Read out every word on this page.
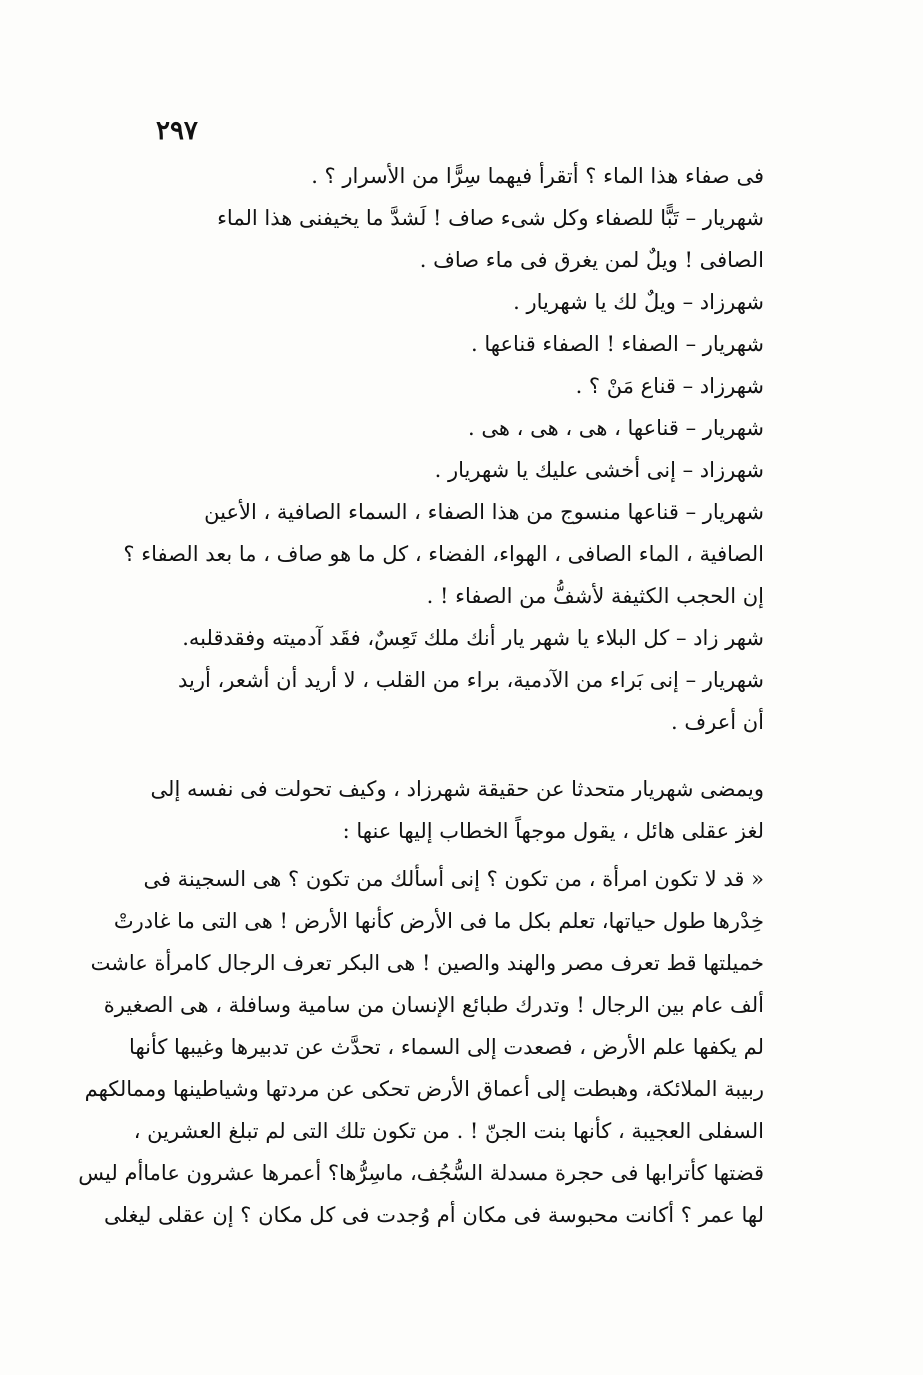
٢٩٧
فى صفاء هذا الماء ؟ أتقرأ فيهما سِرًّا من الأسرار ؟ .
شهريار – تَبًّا للصفاء وكل شىء صاف ! لَشدَّ ما يخيفنى هذا الماء
الصافى ! ويلٌ لمن يغرق فى ماء صاف .
شهرزاد – ويلٌ لك يا شهريار .
شهريار – الصفاء ! الصفاء قناعها .
شهرزاد – قناع مَنْ ؟ .
شهريار – قناعها ، هى ، هى ، هى .
شهرزاد – إنى أخشى عليك يا شهريار .
شهريار – قناعها منسوج من هذا الصفاء ، السماء الصافية ، الأعين
الصافية ، الماء الصافى ، الهواء، الفضاء ، كل ما هو صاف ، ما بعد الصفاء ؟
إن الحجب الكثيفة لأشفُّ من الصفاء ! .
شهر زاد – كل البلاء يا شهر يار أنك ملك تَعِسٌ، فقَد آدميته وفقدقلبه.
شهريار – إنى بَراء من الآدمية، براء من القلب ، لا أريد أن أشعر، أريد
أن أعرف .
ويمضى شهريار متحدثا عن حقيقة شهرزاد ، وكيف تحولت فى نفسه إلى
لغز عقلى هائل ، يقول موجهاً الخطاب إليها عنها :
« قد لا تكون امرأة ، من تكون ؟ إنى أسألك من تكون ؟ هى السجينة فى
خِدْرها طول حياتها، تعلم بكل ما فى الأرض كأنها الأرض ! هى التى ما غادرتْ
خميلتها قط تعرف مصر والهند والصين ! هى البكر تعرف الرجال كامرأة عاشت
ألف عام بين الرجال ! وتدرك طبائع الإنسان من سامية وسافلة ، هى الصغيرة
لم يكفها علم الأرض ، فصعدت إلى السماء ، تحدَّث عن تدبيرها وغيبها كأنها
ربيبة الملائكة، وهبطت إلى أعماق الأرض تحكى عن مردتها وشياطينها وممالكهم
السفلى العجيبة ، كأنها بنت الجنّ ! . من تكون تلك التى لم تبلغ العشرين ،
قضتها كأترابها فى حجرة مسدلة السُّجُف، ماسِرُّها؟ أعمرها عشرون عاماأم ليس
لها عمر ؟ أكانت محبوسة فى مكان أم وُجدت فى كل مكان ؟ إن عقلى ليغلى
